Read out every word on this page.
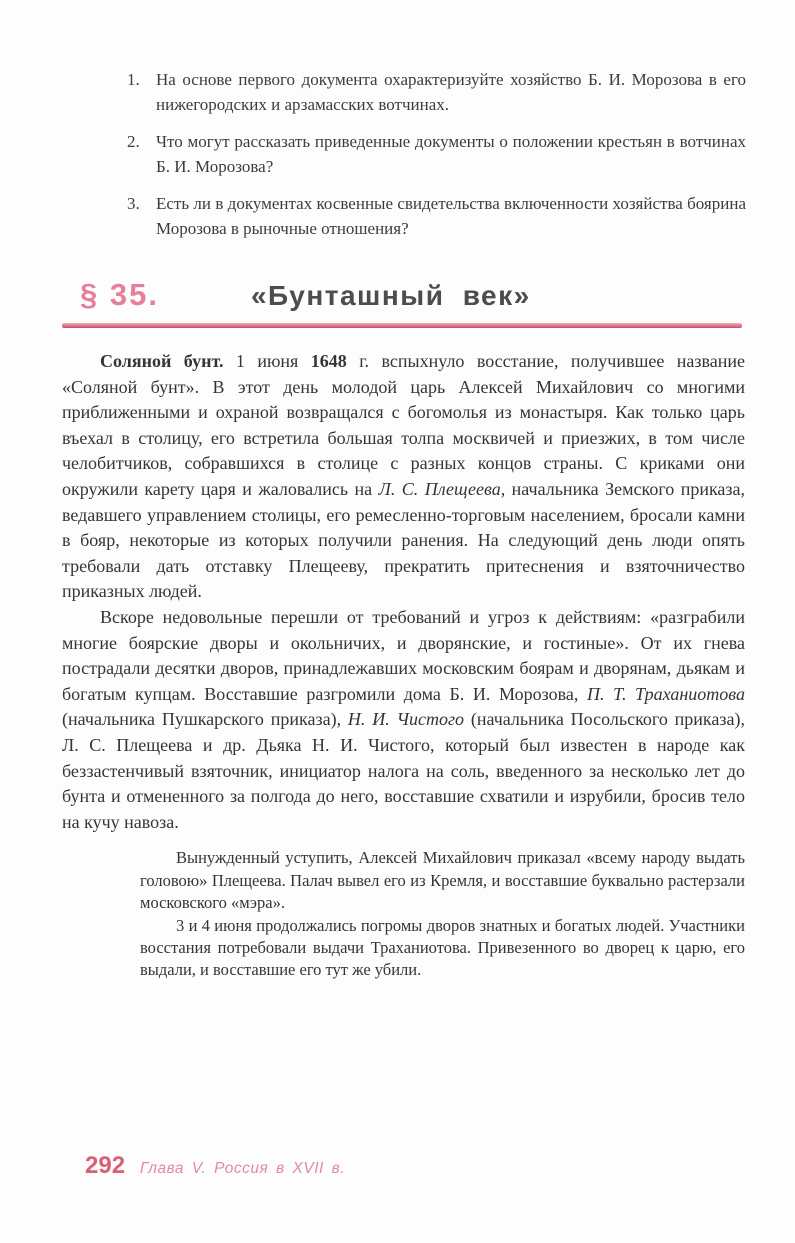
1. На основе первого документа охарактеризуйте хозяйство Б. И. Морозова в его нижегородских и арзамасских вотчинах.
2. Что могут рассказать приведенные документы о положении крестьян в вотчинах Б. И. Морозова?
3. Есть ли в документах косвенные свидетельства включенности хозяйства боярина Морозова в рыночные отношения?
§ 35.	«Бунташный век»

Соляной бунт. 1 июня 1648 г. вспыхнуло восстание, получившее название «Соляной бунт». В этот день молодой царь Алексей Михайлович со многими приближенными и охраной возвращался с богомолья из монастыря. Как только царь въехал в столицу, его встретила большая толпа москвичей и приезжих, в том числе челобитчиков, собравшихся в столице с разных концов страны. С криками они окружили карету царя и жаловались на Л. С. Плещеева, начальника Земского приказа, ведавшего управлением столицы, его ремесленно-торговым населением, бросали камни в бояр, некоторые из которых получили ранения. На следующий день люди опять требовали дать отставку Плещееву, прекратить притеснения и взяточничество приказных людей.

Вскоре недовольные перешли от требований и угроз к действиям: «разграбили многие боярские дворы и окольничих, и дворянские, и гостиные». От их гнева пострадали десятки дворов, принадлежавших московским боярам и дворянам, дьякам и богатым купцам. Восставшие разгромили дома Б. И. Морозова, П. Т. Траханиотова (начальника Пушкарского приказа), Н. И. Чистого (начальника Посольского приказа), Л. С. Плещеева и др. Дьяка Н. И. Чистого, который был известен в народе как беззастенчивый взяточник, инициатор налога на соль, введенного за несколько лет до бунта и отмененного за полгода до него, восставшие схватили и изрубили, бросив тело на кучу навоза.

Вынужденный уступить, Алексей Михайлович приказал «всему народу выдать головою» Плещеева. Палач вывел его из Кремля, и восставшие буквально растерзали московского «мэра».

3 и 4 июня продолжались погромы дворов знатных и богатых людей. Участники восстания потребовали выдачи Траханиотова. Привезенного во дворец к царю, его выдали, и восставшие его тут же убили.

292 Глава V. Россия в XVII в.
